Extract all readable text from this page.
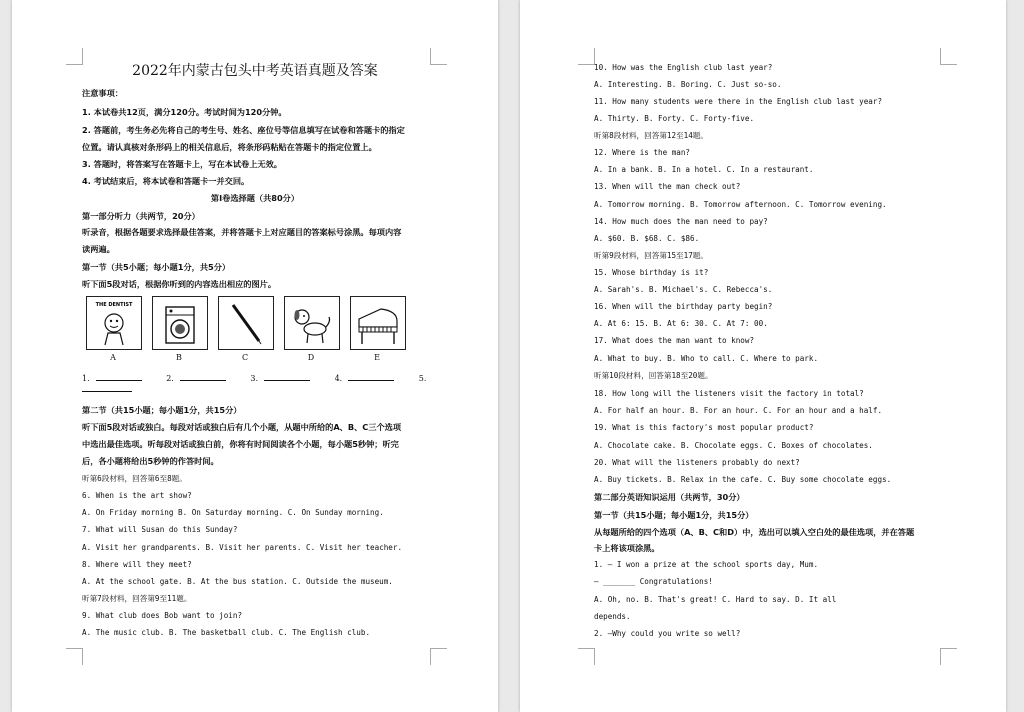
2022年内蒙古包头中考英语真题及答案
注意事项：
1. 本试卷共12页，满分120分。考试时间为120分钟。
2. 答题前，考生务必先将自己的考生号、姓名、座位号等信息填写在试卷和答题卡的指定
位置。请认真核对条形码上的相关信息后，将条形码粘贴在答题卡的指定位置上。
3. 答题时，将答案写在答题卡上，写在本试卷上无效。
4. 考试结束后，将本试卷和答题卡一并交回。
第Ⅰ卷选择题（共80分）
第一部分听力（共两节，20分）
听录音，根据各题要求选择最佳答案，并将答题卡上对应题目的答案标号涂黑。每项内容
读两遍。
第一节（共5小题；每小题1分，共5分）
听下面5段对话，根据你听到的内容选出相应的图片。
THE DENTIST
A	B	C	D	E
1.	2.	3.	4.	5.
第二节（共15小题；每小题1分，共15分）
听下面5段对话或独白。每段对话或独白后有几个小题，从题中所给的A、B、C三个选项
中选出最佳选项。听每段对话或独白前，你将有时间阅读各个小题，每小题5秒钟；听完
后，各小题将给出5秒钟的作答时间。
听第6段材料，回答第6至8题。
6. When is the art show?
A. On Friday morning B. On Saturday morning. C. On Sunday morning.
7. What will Susan do this Sunday?
A. Visit her grandparents. B. Visit her parents. C. Visit her teacher.
8. Where will they meet?
A. At the school gate. B. At the bus station. C. Outside the museum.
听第7段材料，回答第9至11题。
9. What club does Bob want to join?
A. The music club. B. The basketball club. C. The English club.
10. How was the English club last year?
A. Interesting. B. Boring. C. Just so-so.
11. How many students were there in the English club last year?
A. Thirty. B. Forty. C. Forty-five.
听第8段材料，回答第12至14题。
12. Where is the man?
A. In a bank. B. In a hotel. C. In a restaurant.
13. When will the man check out?
A. Tomorrow morning. B. Tomorrow afternoon. C. Tomorrow evening.
14. How much does the man need to pay?
A. $60. B. $68. C. $86.
听第9段材料，回答第15至17题。
15. Whose birthday is it?
A. Sarah's. B. Michael's. C. Rebecca's.
16. When will the birthday party begin?
A. At 6: 15. B. At 6: 30. C. At 7: 00.
17. What does the man want to know?
A. What to buy. B. Who to call. C. Where to park.
听第10段材料，回答第18至20题。
18. How long will the listeners visit the factory in total?
A. For half an hour. B. For an hour. C. For an hour and a half.
19. What is this factory's most popular product?
A. Chocolate cake. B. Chocolate eggs. C. Boxes of chocolates.
20. What will the listeners probably do next?
A. Buy tickets. B. Relax in the cafe. C. Buy some chocolate eggs.
第二部分英语知识运用（共两节，30分）
第一节（共15小题；每小题1分，共15分）
从每题所给的四个选项（A、B、C和D）中，选出可以填入空白处的最佳选项，并在答题
卡上将该项涂黑。
1. — I won a prize at the school sports day, Mum.
— _______ Congratulations!
A. Oh, no. B. That's great! C. Hard to say. D. It all
depends.
2. —Why could you write so well?
